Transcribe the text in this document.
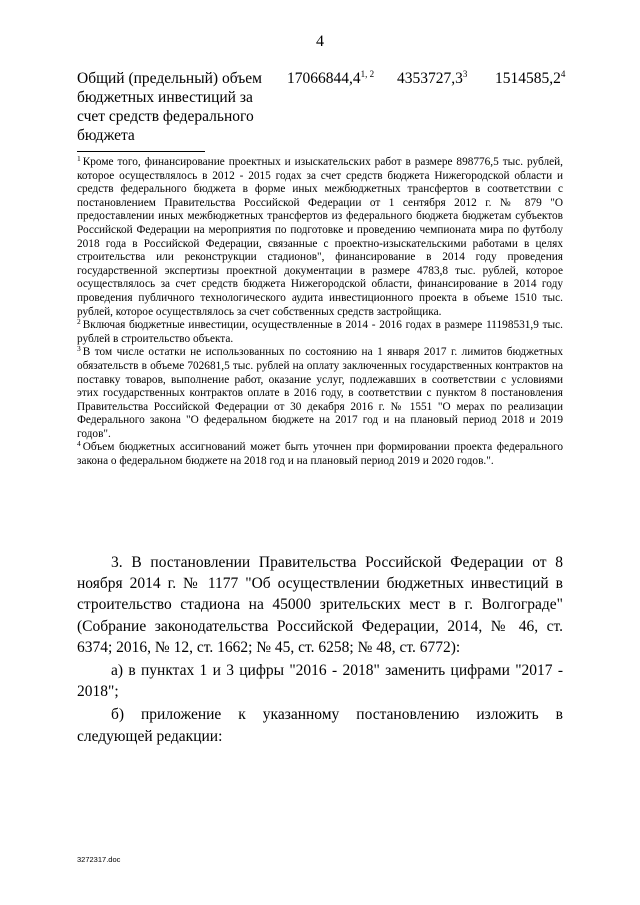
4
Общий (предельный) объем бюджетных инвестиций за счет средств федерального бюджета
17066844,4$^{1, 2}$ 4353727,3$^3$ 1514585,2$^4$

$^1$ Кроме того, финансирование проектных и изыскательских работ в размере 898776,5 тыс. рублей, которое осуществлялось в 2012 - 2015 годах за счет средств бюджета Нижегородской области и средств федерального бюджета в форме иных межбюджетных трансфертов в соответствии с постановлением Правительства Российской Федерации от 1 сентября 2012 г. № 879 "О предоставлении иных межбюджетных трансфертов из федерального бюджета бюджетам субъектов Российской Федерации на мероприятия по подготовке и проведению чемпионата мира по футболу 2018 года в Российской Федерации, связанные с проектно-изыскательскими работами в целях строительства или реконструкции стадионов", финансирование в 2014 году проведения государственной экспертизы проектной документации в размере 4783,8 тыс. рублей, которое осуществлялось за счет средств бюджета Нижегородской области, финансирование в 2014 году проведения публичного технологического аудита инвестиционного проекта в объеме 1510 тыс. рублей, которое осуществлялось за счет собственных средств застройщика.

$^2$ Включая бюджетные инвестиции, осуществленные в 2014 - 2016 годах в размере 11198531,9 тыс. рублей в строительство объекта.

$^3$ В том числе остатки не использованных по состоянию на 1 января 2017 г. лимитов бюджетных обязательств в объеме 702681,5 тыс. рублей на оплату заключенных государственных контрактов на поставку товаров, выполнение работ, оказание услуг, подлежавших в соответствии с условиями этих государственных контрактов оплате в 2016 году, в соответствии с пунктом 8 постановления Правительства Российской Федерации от 30 декабря 2016 г. № 1551 "О мерах по реализации Федерального закона "О федеральном бюджете на 2017 год и на плановый период 2018 и 2019 годов".

$^4$ Объем бюджетных ассигнований может быть уточнен при формировании проекта федерального закона о федеральном бюджете на 2018 год и на плановый период 2019 и 2020 годов.".

3. В постановлении Правительства Российской Федерации от 8 ноября 2014 г. № 1177 "Об осуществлении бюджетных инвестиций в строительство стадиона на 45000 зрительских мест в г. Волгограде" (Собрание законодательства Российской Федерации, 2014, № 46, ст. 6374; 2016, № 12, ст. 1662; № 45, ст. 6258; № 48, ст. 6772):

а) в пунктах 1 и 3 цифры "2016 - 2018" заменить цифрами "2017 - 2018";

б) приложение к указанному постановлению изложить в следующей редакции:

3272317.doc
